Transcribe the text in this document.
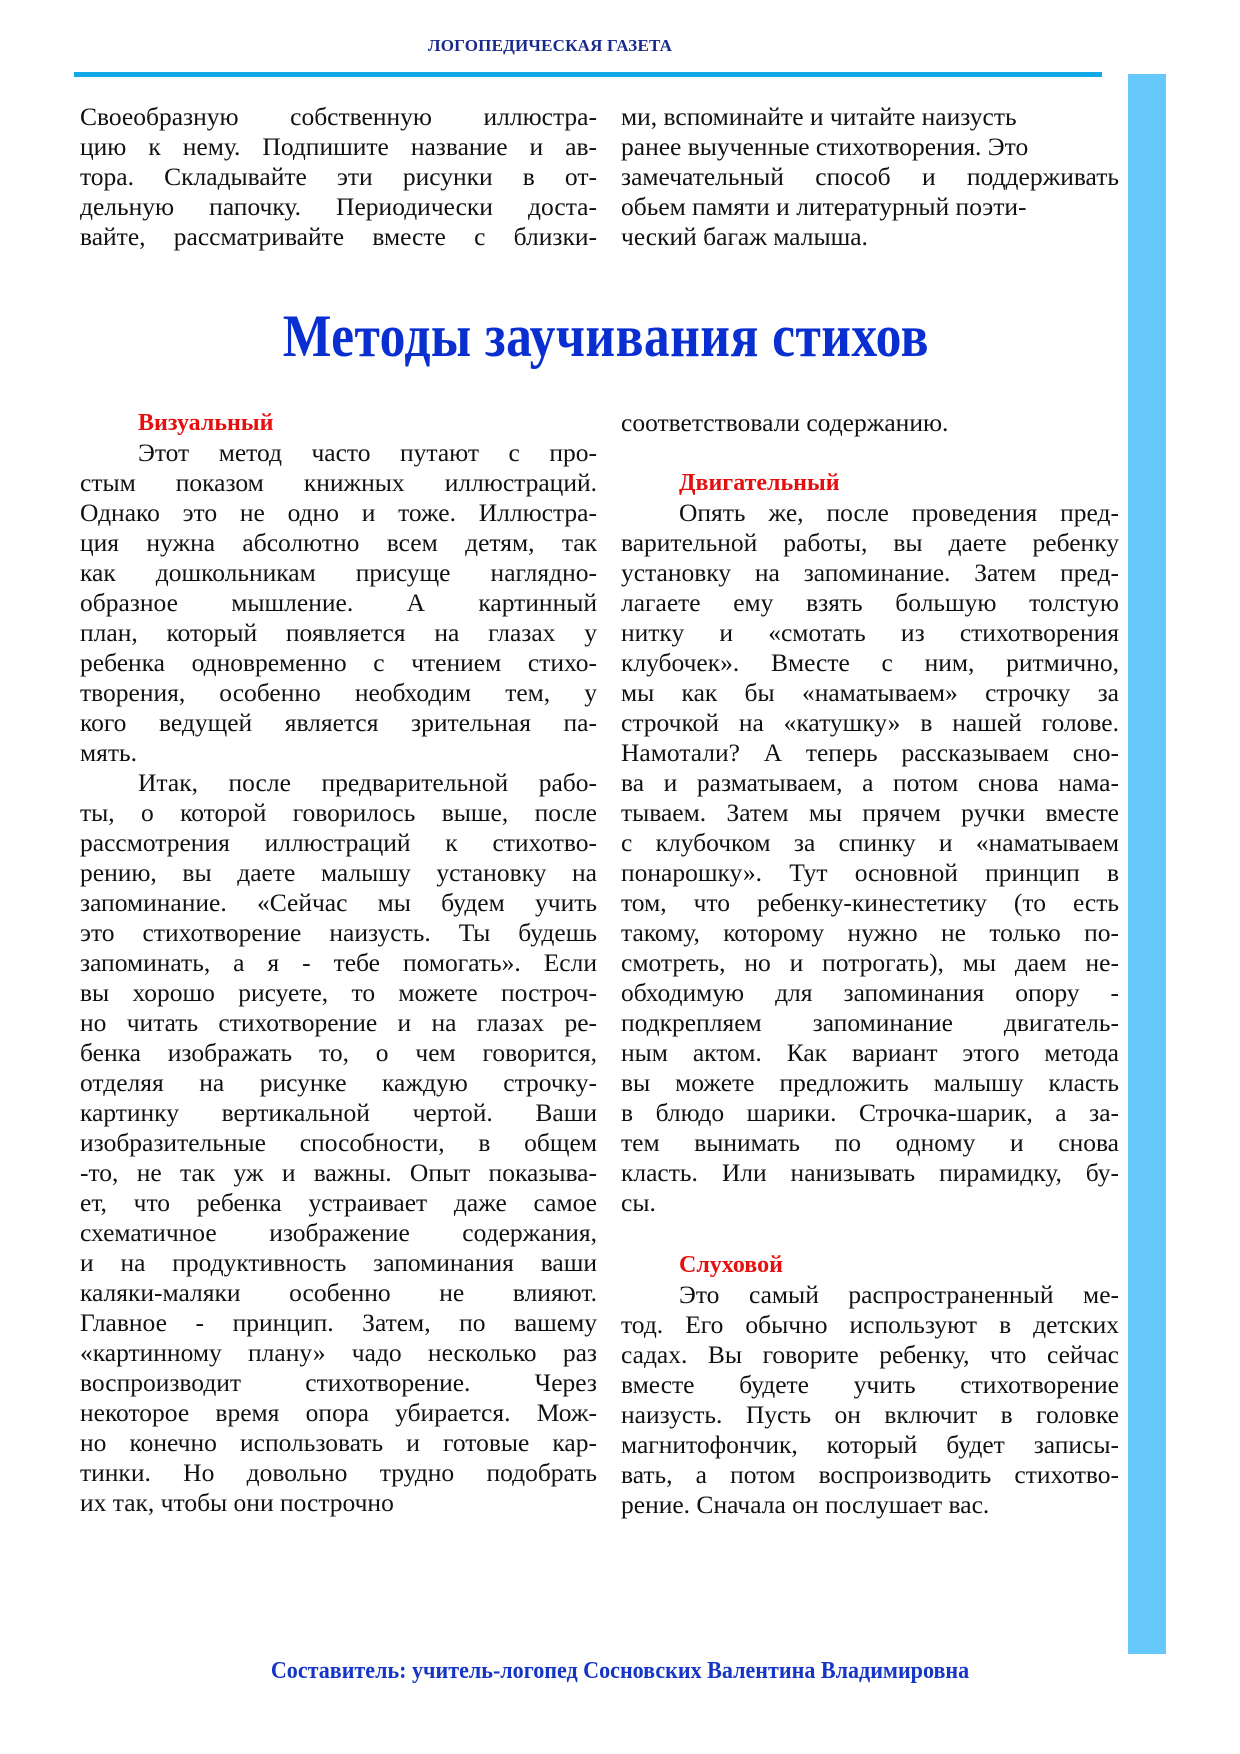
ЛОГОПЕДИЧЕСКАЯ ГАЗЕТА
Своеобразную собственную иллюстра-
цию к нему. Подпишите название и ав-
тора. Складывайте эти рисунки в от-
дельную папочку. Периодически доста-
вайте, рассматривайте вместе с близки-
ми, вспоминайте и читайте наизусть
ранее выученные стихотворения. Это
замечательный способ и поддерживать
обьем памяти и литературный поэти-
ческий багаж малыша.
Методы заучивания стихов
Визуальный
Этот метод часто путают с про-
стым показом книжных иллюстраций.
Однако это не одно и тоже. Иллюстра-
ция нужна абсолютно всем детям, так
как дошкольникам присуще наглядно-
образное мышление. А картинный
план, который появляется на глазах у
ребенка одновременно с чтением стихо-
творения, особенно необходим тем, у
кого ведущей является зрительная па-
мять.
Итак, после предварительной рабо-
ты, о которой говорилось выше, после
рассмотрения иллюстраций к стихотво-
рению, вы даете малышу установку на
запоминание. «Сейчас мы будем учить
это стихотворение наизусть. Ты будешь
запоминать, а я - тебе помогать». Если
вы хорошо рисуете, то можете построч-
но читать стихотворение и на глазах ре-
бенка изображать то, о чем говорится,
отделяя на рисунке каждую строчку-
картинку вертикальной чертой. Ваши
изобразительные способности, в общем
-то, не так уж и важны. Опыт показыва-
ет, что ребенка устраивает даже самое
схематичное изображение содержания,
и на продуктивность запоминания ваши
каляки-маляки особенно не влияют.
Главное - принцип. Затем, по вашему
«картинному плану» чадо несколько раз
воспроизводит стихотворение. Через
некоторое время опора убирается. Мож-
но конечно использовать и готовые кар-
тинки. Но довольно трудно подобрать
их так, чтобы они построчно
соответствовали содержанию.
Двигательный
Опять же, после проведения пред-
варительной работы, вы даете ребенку
установку на запоминание. Затем пред-
лагаете ему взять большую толстую
нитку и «смотать из стихотворения
клубочек». Вместе с ним, ритмично,
мы как бы «наматываем» строчку за
строчкой на «катушку» в нашей голове.
Намотали? А теперь рассказываем сно-
ва и разматываем, а потом снова нама-
тываем. Затем мы прячем ручки вместе
с клубочком за спинку и «наматываем
понарошку». Тут основной принцип в
том, что ребенку-кинестетику (то есть
такому, которому нужно не только по-
смотреть, но и потрогать), мы даем не-
обходимую для запоминания опору -
подкрепляем запоминание двигатель-
ным актом. Как вариант этого метода
вы можете предложить малышу класть
в блюдо шарики. Строчка-шарик, а за-
тем вынимать по одному и снова
класть. Или нанизывать пирамидку, бу-
сы.
Слуховой
Это самый распространенный ме-
тод. Его обычно используют в детских
садах. Вы говорите ребенку, что сейчас
вместе будете учить стихотворение
наизусть. Пусть он включит в головке
магнитофончик, который будет записы-
вать, а потом воспроизводить стихотво-
рение. Сначала он послушает вас.
Составитель: учитель-логопед Сосновских Валентина Владимировна
